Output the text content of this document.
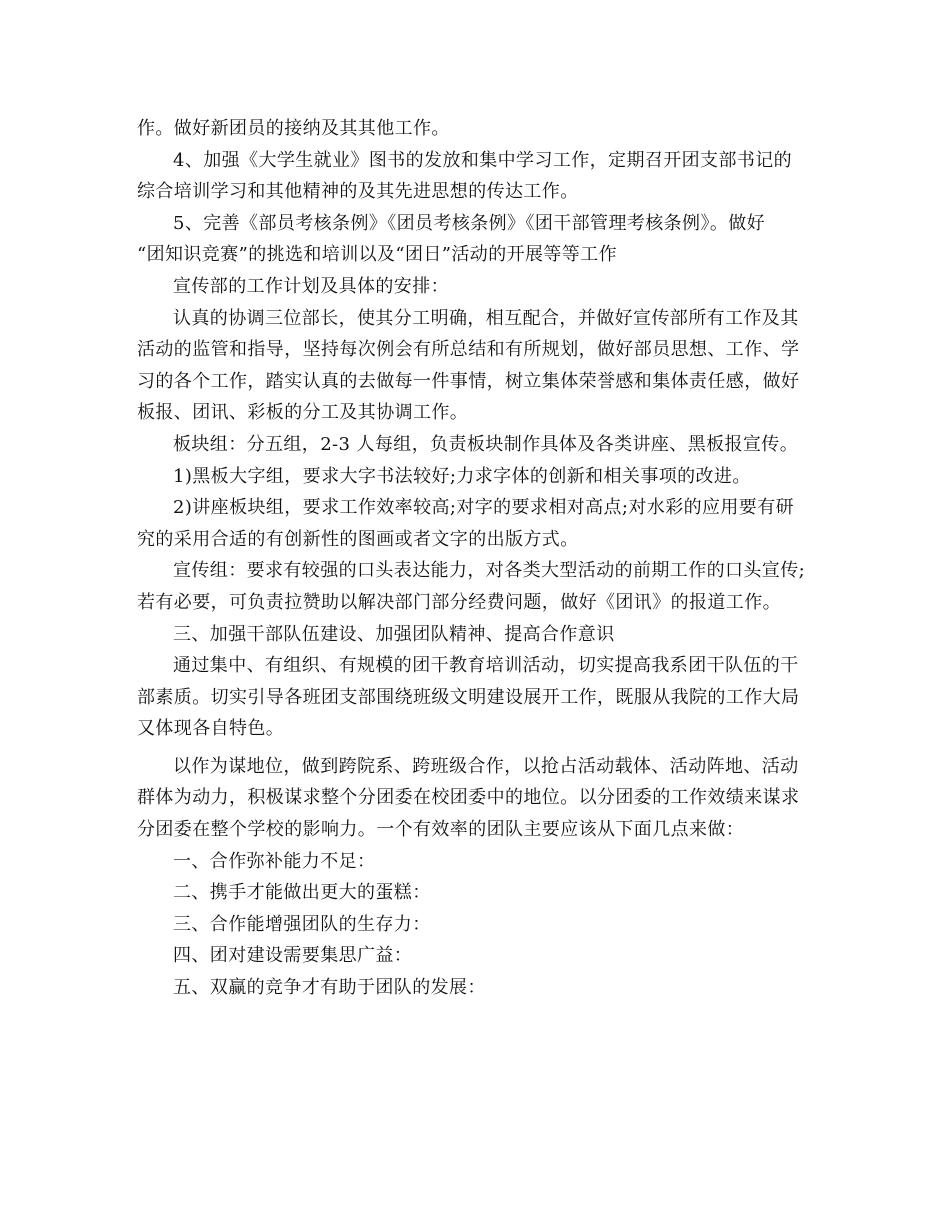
作。做好新团员的接纳及其其他工作。
4、加强《大学生就业》图书的发放和集中学习工作，定期召开团支部书记的
综合培训学习和其他精神的及其先进思想的传达工作。
5、完善《部员考核条例》《团员考核条例》《团干部管理考核条例》。做好
“团知识竞赛”的挑选和培训以及“团日”活动的开展等等工作
宣传部的工作计划及具体的安排：
认真的协调三位部长，使其分工明确，相互配合，并做好宣传部所有工作及其
活动的监管和指导，坚持每次例会有所总结和有所规划，做好部员思想、工作、学
习的各个工作，踏实认真的去做每一件事情，树立集体荣誉感和集体责任感，做好
板报、团讯、彩板的分工及其协调工作。
板块组：分五组，2-3 人每组，负责板块制作具体及各类讲座、黑板报宣传。
1)黑板大字组，要求大字书法较好;力求字体的创新和相关事项的改进。
2)讲座板块组，要求工作效率较高;对字的要求相对高点;对水彩的应用要有研
究的采用合适的有创新性的图画或者文字的出版方式。
宣传组：要求有较强的口头表达能力，对各类大型活动的前期工作的口头宣传;
若有必要，可负责拉赞助以解决部门部分经费问题，做好《团讯》的报道工作。
三、加强干部队伍建设、加强团队精神、提高合作意识
通过集中、有组织、有规模的团干教育培训活动，切实提高我系团干队伍的干
部素质。切实引导各班团支部围绕班级文明建设展开工作，既服从我院的工作大局
又体现各自特色。
以作为谋地位，做到跨院系、跨班级合作，以抢占活动载体、活动阵地、活动
群体为动力，积极谋求整个分团委在校团委中的地位。以分团委的工作效绩来谋求
分团委在整个学校的影响力。一个有效率的团队主要应该从下面几点来做：
一、合作弥补能力不足：
二、携手才能做出更大的蛋糕：
三、合作能增强团队的生存力：
四、团对建设需要集思广益：
五、双赢的竞争才有助于团队的发展：
